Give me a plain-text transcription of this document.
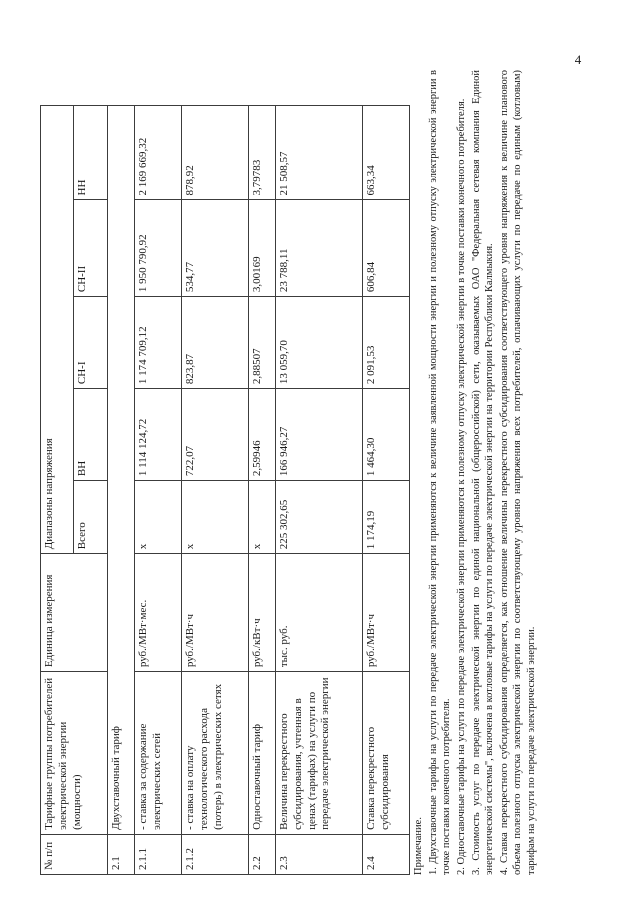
№ п/п	Тарифные группы потребителей электрической энергии (мощности)	Единица измерения	Диапазоны напряжения				
			Всего	ВН	СН-I	СН-II	НН
2.1	Двухставочный тариф						
2.1.1	- ставка за содержание электрических сетей	руб./МВт·мес.	х	1 114 124,72	1 174 709,12	1 950 790,92	2 169 669,32
2.1.2	- ставка на оплату технологического расхода (потерь) в электрических сетях	руб./МВт·ч	х	722,07	823,87	534,77	878,92
2.2	Одноставочный тариф	руб./кВт·ч	х	2,59946	2,88507	3,00169	3,79783
2.3	Величина перекрестного субсидирования, учтенная в ценах (тарифах) на услуги по передаче электрической энергии	тыс. руб.	225 302,65	166 946,27	13 059,70	23 788,11	21 508,57
2.4	Ставка перекрестного субсидирования	руб./МВт·ч	1 174,19	1 464,30	2 091,53	606,84	663,34

Примечание. 1. Двухставочные тарифы на услуги по передаче электрической энергии применяются к величине заявленной мощности энергии и полезному отпуску электрической энергии в точке поставки конечного потребителя. 2. Одноставочные тарифы на услуги по передаче электрической энергии применяются к полезному отпуску электрической энергии в точке поставки конечного потребителя. 3. Стоимость услуг по передаче электрической энергии по единой национальной (общероссийской) сети, оказываемых ОАО "Федеральная сетевая компания Единой энергетической системы", включена в котловые тарифы на услуги по передаче электрической энергии на территории Республики Калмыкия. 4. Ставка перекрестного субсидирования определяется, как отношение величины перекрестного субсидирования соответствующего уровня напряжения к величине планового объема полезного отпуска электрической энергии по соответствующему уровню напряжения всех потребителей, оплачивающих услуги по передаче по единым (котловым) тарифам на услуги по передаче электрической энергии.

4
